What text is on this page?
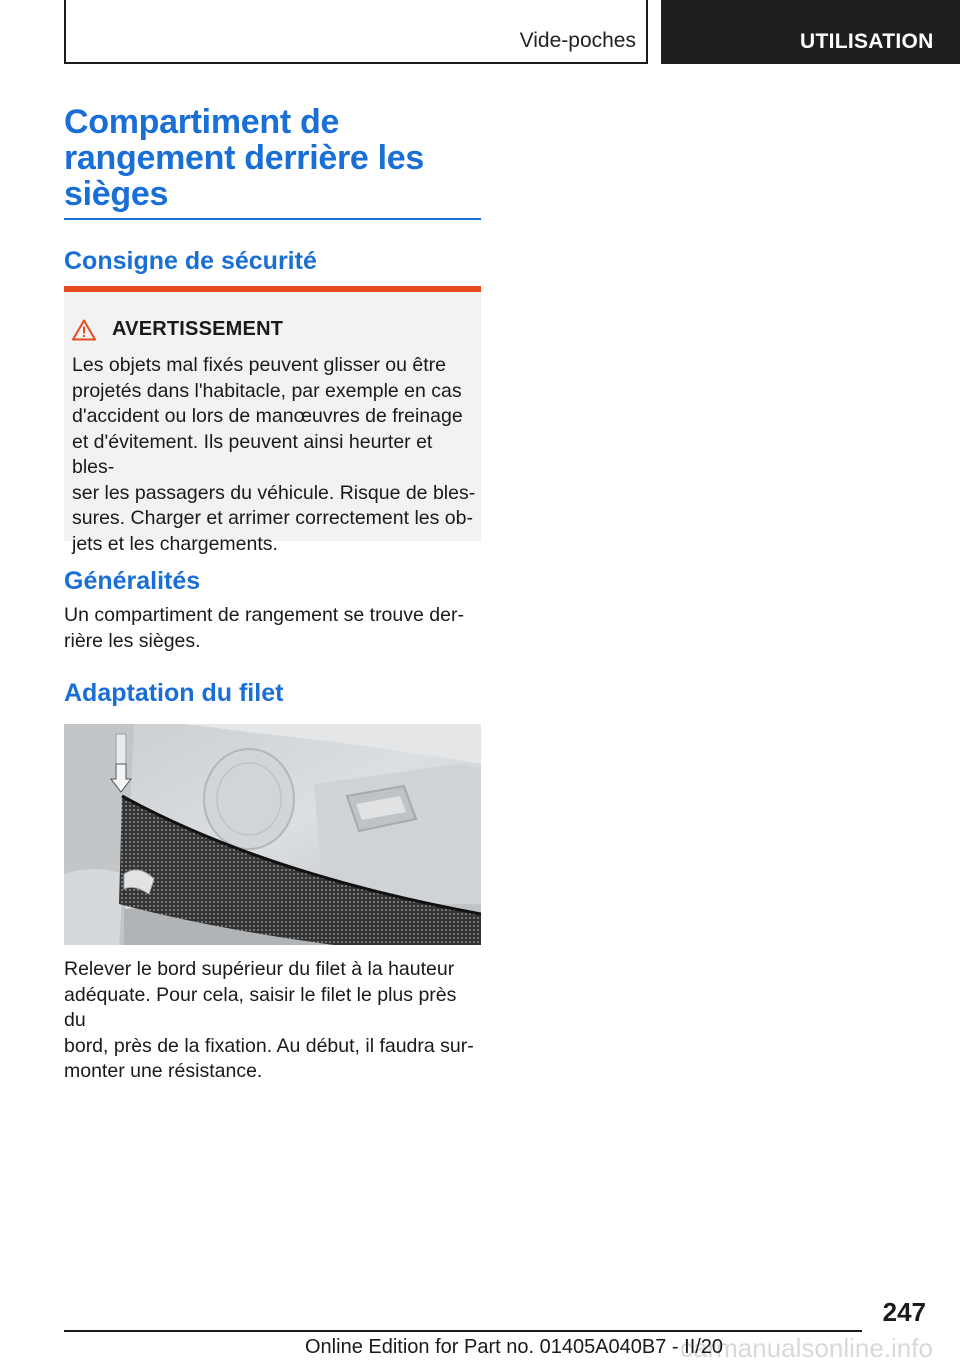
Vide-poches	UTILISATION
Compartiment de
rangement derrière les
sièges
Consigne de sécurité
AVERTISSEMENT

Les objets mal fixés peuvent glisser ou être
projetés dans l'habitacle, par exemple en cas
d'accident ou lors de manœuvres de freinage
et d'évitement. Ils peuvent ainsi heurter et bles-
ser les passagers du véhicule. Risque de bles-
sures. Charger et arrimer correctement les ob-
jets et les chargements.

Généralités

Un compartiment de rangement se trouve der-
rière les sièges.

Adaptation du filet

Relever le bord supérieur du filet à la hauteur
adéquate. Pour cela, saisir le filet le plus près du
bord, près de la fixation. Au début, il faudra sur-
monter une résistance.

247
carmanualsonline.info
Online Edition for Part no. 01405A040B7 - II/20
